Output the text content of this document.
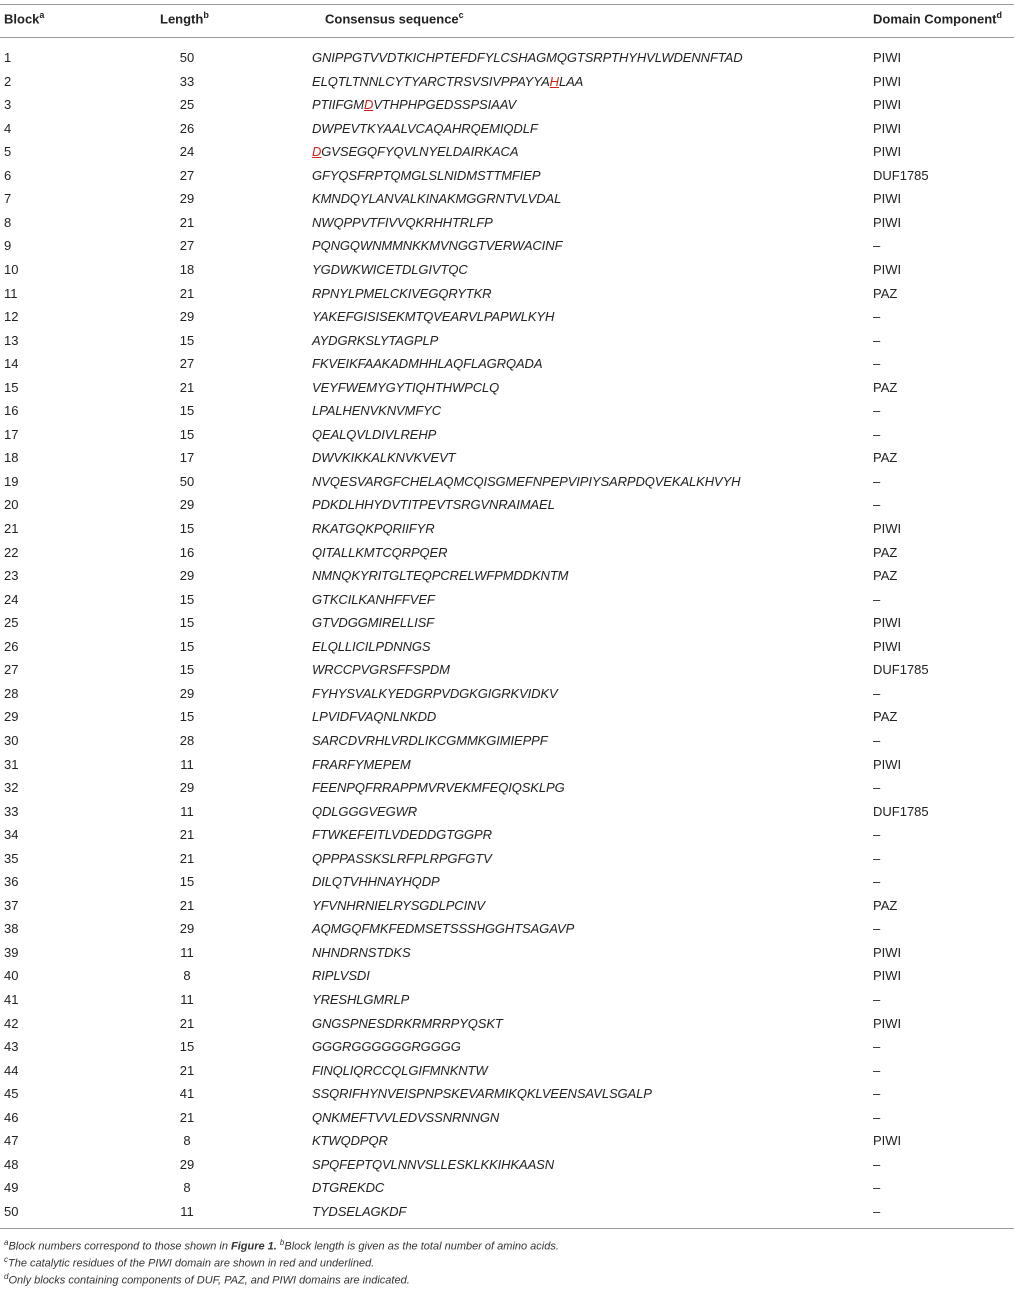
Block$^a$	Length$^b$	Consensus sequence$^c$	Domain Component$^d$
1	50	GNIPPGTVVDTKICHPTEFDFYLCSHAGMQGTSRPTHYHVLWDENNFTAD	PIWI
2	33	ELQTLTNNLCYTYARCTRSVSIVPPAYYAHLAA	PIWI
3	25	PTIIFGMDVTHPHPGEDSSPSIAAV	PIWI
4	26	DWPEVTKYAALVCAQAHRQEMIQDLF	PIWI
5	24	DGVSEGQFYQVLNYELDAIRKACA	PIWI
6	27	GFYQSFRPTQMGLSLNIDMSTTMFIEP	DUF1785
7	29	KMNDQYLANVALKINAKMGGRNTVLVDAL	PIWI
8	21	NWQPPVTFIVVQKRHHTRLFP	PIWI
9	27	PQNGQWNMMNKKMVNGGTVERWACINF	–
10	18	YGDWKWICETDLGIVTQC	PIWI
11	21	RPNYLPMELCKIVEGQRYTKR	PAZ
12	29	YAKEFGISISEKMTQVEARVLPAPWLKYH	–
13	15	AYDGRKSLYTAGPLP	–
14	27	FKVEIKFAAKADMHHLAQFLAGRQADA	–
15	21	VEYFWEMYGYTIQHTHWPCLQ	PAZ
16	15	LPALHENVKNVMFYC	–
17	15	QEALQVLDIVLREHP	–
18	17	DWVKIKKALKNVKVEVT	PAZ
19	50	NVQESVARGFCHELAQMCQISGMEFNPEPVIPIYSARPDQVEKALKHVYH	–
20	29	PDKDLHHYDVTITPEVTSRGVNRAIMAEL	–
21	15	RKATGQKPQRIIFYR	PIWI
22	16	QITALLKMTCQRPQER	PAZ
23	29	NMNQKYRITGLTEQPCRELWFPMDDKNTM	PAZ
24	15	GTKCILKANHFFVEF	–
25	15	GTVDGGMIRELLISF	PIWI
26	15	ELQLLICILPDNNGS	PIWI
27	15	WRCCPVGRSFFSPDM	DUF1785
28	29	FYHYSVALKYEDGRPVDGKGIGRKVIDKV	–
29	15	LPVIDFVAQNLNKDD	PAZ
30	28	SARCDVRHLVRDLIKCGMMKGIMIEPPF	–
31	11	FRARFYMEPEM	PIWI
32	29	FEENPQFRRAPPMVRVEKMFEQIQSKLPG	–
33	11	QDLGGGVEGWR	DUF1785
34	21	FTWKEFEITLVDEDDGTGGPR	–
35	21	QPPPASSKSLRFPLRPGFGTV	–
36	15	DILQTVHHNAYHQDP	–
37	21	YFVNHRNIELRYSGDLPCINV	PAZ
38	29	AQMGQFMKFEDMSETSSSHGGHTSAGAVP	–
39	11	NHNDRNSTDKS	PIWI
40	8	RIPLVSDI	PIWI
41	11	YRESHLGMRLP	–
42	21	GNGSPNESDRKRMRRPYQSKT	PIWI
43	15	GGGRGGGGGGRGGGG	–
44	21	FINQLIQRCCQLGIFMNKNTW	–
45	41	SSQRIFHYNVEISPNPSKEVARMIKQKLVEENSAVLSGALP	–
46	21	QNKMEFTVVLEDVSSNRNNGN	–
47	8	KTWQDPQR	PIWI
48	29	SPQFEPTQVLNNVSLLESKLKKIHKAASN	–
49	8	DTGREKDC	–
50	11	TYDSELAGKDF	–
$^a$Block numbers correspond to those shown in Figure 1. $^b$Block length is given as the total number of amino acids.
$^c$The catalytic residues of the PIWI domain are shown in red and underlined.
$^d$Only blocks containing components of DUF, PAZ, and PIWI domains are indicated.
